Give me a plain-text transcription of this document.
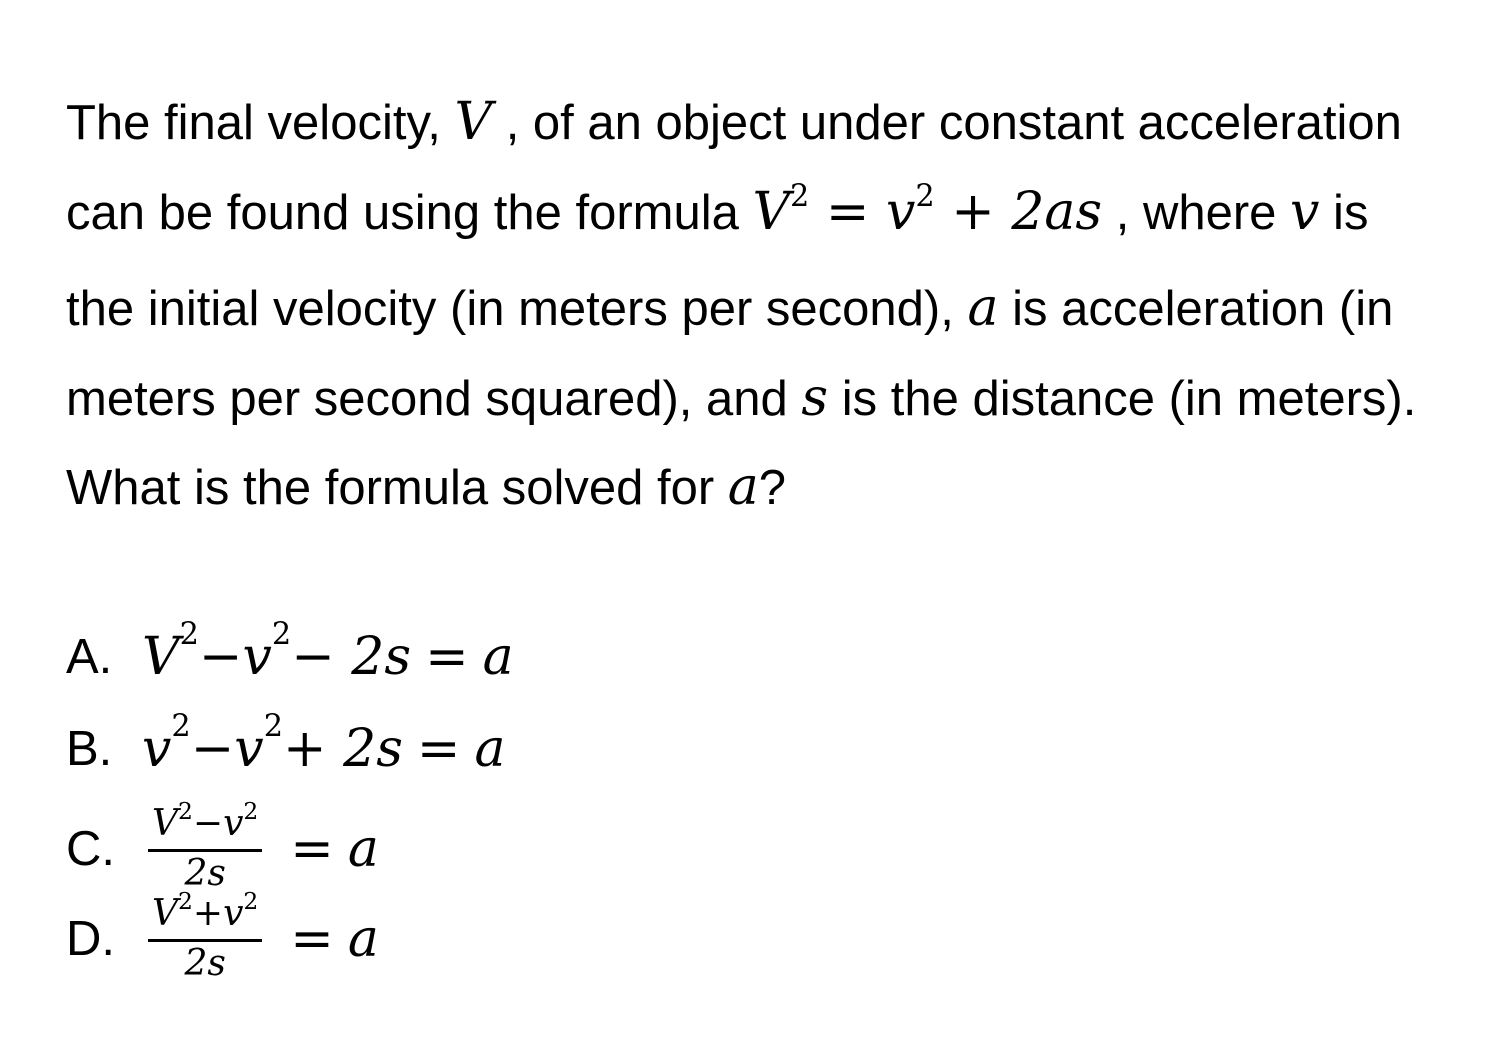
The final velocity, V , of an object under constant acceleration can be found using the formula $V^2 = v^2 + 2as$ , where v is the initial velocity (in meters per second), a is acceleration (in meters per second squared), and s is the distance (in meters). What is the formula solved for a?
A. $V^2 - v^2 - 2s = a$
B. $v^2 - v^2 + 2s = a$
C. $\frac{V^2-v^2}{2s} = a$
D. $\frac{V^2+v^2}{2s} = a$
